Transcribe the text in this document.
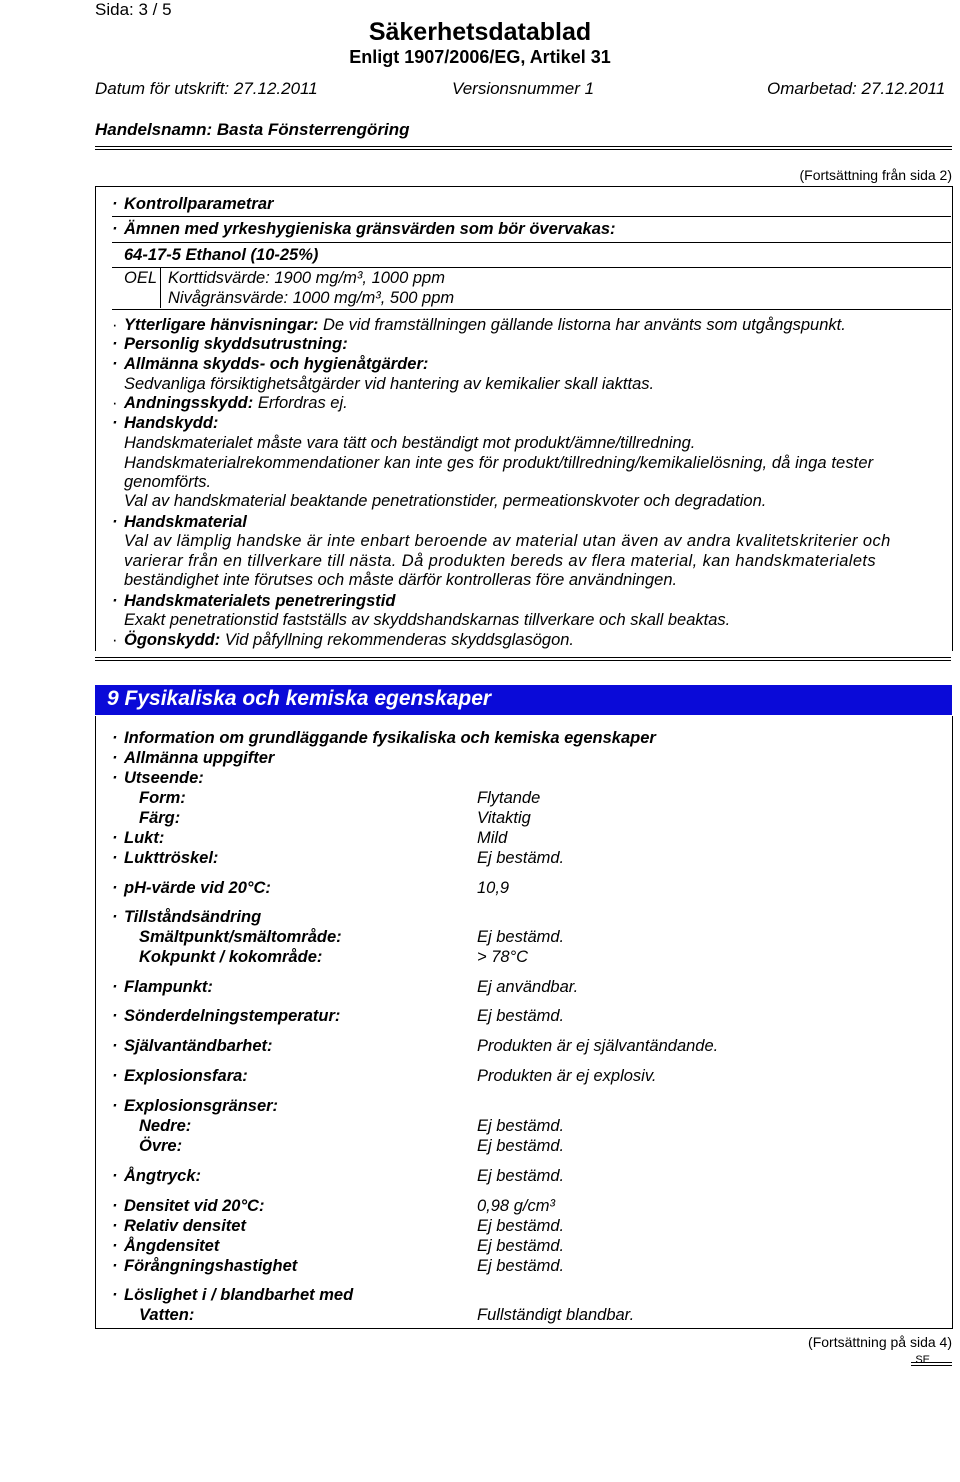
Sida: 3 / 5
Säkerhetsdatablad
Enligt 1907/2006/EG, Artikel 31
Datum för utskrift: 27.12.2011	Versionsnummer 1	Omarbetad: 27.12.2011
Handelsnamn: Basta Fönsterrengöring
(Fortsättning från sida 2)
· Kontrollparametrar
· Ämnen med yrkeshygieniska gränsvärden som bör övervakas:
64-17-5 Ethanol (10-25%)
OEL Korttidsvärde: 1900 mg/m³, 1000 ppm
Nivågränsvärde: 1000 mg/m³, 500 ppm
· Ytterligare hänvisningar: De vid framställningen gällande listorna har använts som utgångspunkt.
· Personlig skyddsutrustning:
· Allmänna skydds- och hygienåtgärder:
Sedvanliga försiktighetsåtgärder vid hantering av kemikalier skall iakttas.
· Andningsskydd: Erfordras ej.
· Handskydd:
Handskmaterialet måste vara tätt och beständigt mot produkt/ämne/tillredning.
Handskmaterialrekommendationer kan inte ges för produkt/tillredning/kemikalielösning, då inga tester
genomförts.
Val av handskmaterial beaktande penetrationstider, permeationskvoter och degradation.
· Handskmaterial
Val av lämplig handske är inte enbart beroende av material utan även av andra kvalitetskriterier och
varierar från en tillverkare till nästa. Då produkten bereds av flera material, kan handskmaterialets
beständighet inte förutses och måste därför kontrolleras före användningen.
· Handskmaterialets penetreringstid
Exakt penetrationstid fastställs av skyddshandskarnas tillverkare och skall beaktas.
· Ögonskydd: Vid påfyllning rekommenderas skyddsglasögon.
9 Fysikaliska och kemiska egenskaper
· Information om grundläggande fysikaliska och kemiska egenskaper
· Allmänna uppgifter
· Utseende:
Form:	Flytande
Färg:	Vitaktig
· Lukt:	Mild
· Lukttröskel:	Ej bestämd.
· pH-värde vid 20°C:	10,9
· Tillståndsändring
Smältpunkt/smältområde:	Ej bestämd.
Kokpunkt / kokområde:	> 78°C
· Flampunkt:	Ej användbar.
· Sönderdelningstemperatur:	Ej bestämd.
· Självantändbarhet:	Produkten är ej självantändande.
· Explosionsfara:	Produkten är ej explosiv.
· Explosionsgränser:
Nedre:	Ej bestämd.
Övre:	Ej bestämd.
· Ångtryck:	Ej bestämd.
· Densitet vid 20°C:	0,98 g/cm³
· Relativ densitet	Ej bestämd.
· Ångdensitet	Ej bestämd.
· Förångningshastighet	Ej bestämd.
· Löslighet i / blandbarhet med
Vatten:	Fullständigt blandbar.
(Fortsättning på sida 4)
SE
